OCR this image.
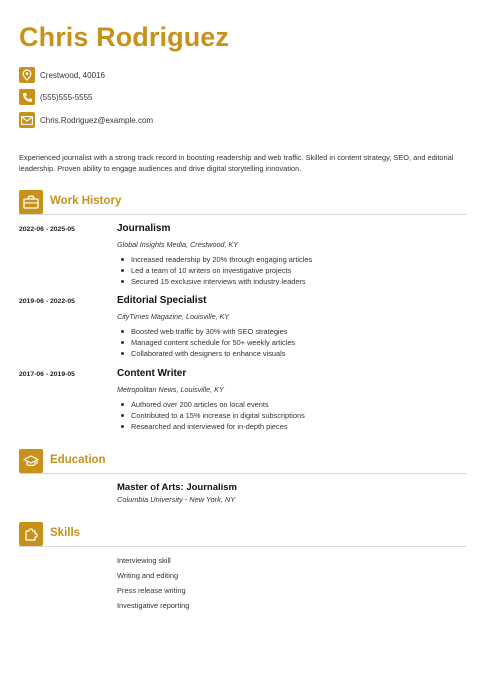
Chris Rodriguez
Crestwood, 40016
(555)555-5555
Chris.Rodriguez@example.com
Experienced journalist with a strong track record in boosting readership and web traffic. Skilled in content strategy, SEO, and editorial leadership. Proven ability to engage audiences and drive digital storytelling innovation.
Work History
2022-06 - 2025-05	Journalism
Global Insights Media, Crestwood, KY
Increased readership by 20% through engaging articles
Led a team of 10 writers on investigative projects
Secured 15 exclusive interviews with industry leaders
2019-06 - 2022-05	Editorial Specialist
CityTimes Magazine, Louisville, KY
Boosted web traffic by 30% with SEO strategies
Managed content schedule for 50+ weekly articles
Collaborated with designers to enhance visuals
2017-06 - 2019-05	Content Writer
Metropolitan News, Louisville, KY
Authored over 200 articles on local events
Contributed to a 15% increase in digital subscriptions
Researched and interviewed for in-depth pieces
Education
Master of Arts: Journalism
Columbia University - New York, NY
Skills
Interviewing skill
Writing and editing
Press release writing
Investigative reporting
